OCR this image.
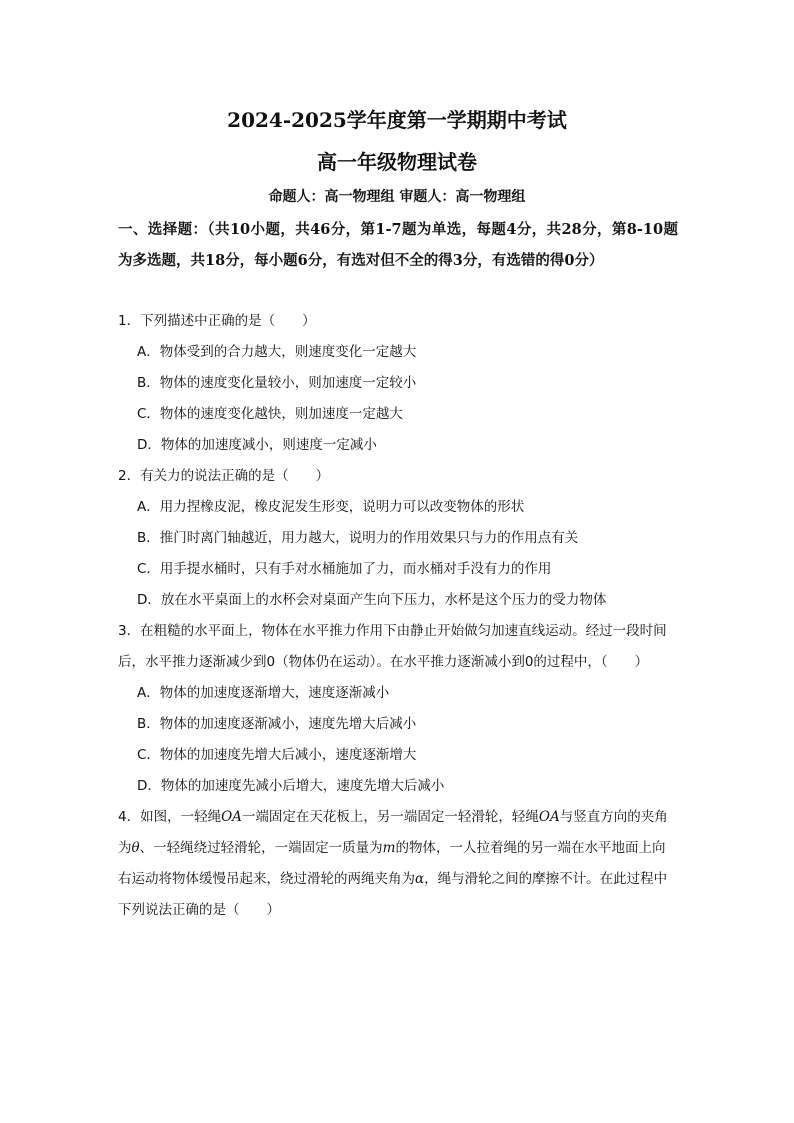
2024-2025学年度第一学期期中考试
高一年级物理试卷
命题人：高一物理组 审题人：高一物理组
一、选择题：（共10小题，共46分，第1-7题为单选，每题4分，共28分，第8-10题为多选题，共18分，每小题6分，有选对但不全的得3分，有选错的得0分）
1．下列描述中正确的是（　　）
A．物体受到的合力越大，则速度变化一定越大
B．物体的速度变化量较小，则加速度一定较小
C．物体的速度变化越快，则加速度一定越大
D．物体的加速度减小，则速度一定减小
2．有关力的说法正确的是（　　）
A．用力捏橡皮泥，橡皮泥发生形变，说明力可以改变物体的形状
B．推门时离门轴越近，用力越大，说明力的作用效果只与力的作用点有关
C．用手提水桶时，只有手对水桶施加了力，而水桶对手没有力的作用
D．放在水平桌面上的水杯会对桌面产生向下压力，水杯是这个压力的受力物体
3．在粗糙的水平面上，物体在水平推力作用下由静止开始做匀加速直线运动。经过一段时间后，水平推力逐渐减少到0（物体仍在运动）。在水平推力逐渐减小到0的过程中，（　　）
A．物体的加速度逐渐增大，速度逐渐减小
B．物体的加速度逐渐减小，速度先增大后减小
C．物体的加速度先增大后减小，速度逐渐增大
D．物体的加速度先减小后增大，速度先增大后减小
4．如图，一轻绳OA一端固定在天花板上，另一端固定一轻滑轮，轻绳OA与竖直方向的夹角为θ、一轻绳绕过轻滑轮，一端固定一质量为m的物体，一人拉着绳的另一端在水平地面上向右运动将物体缓慢吊起来，绕过滑轮的两绳夹角为α，绳与滑轮之间的摩擦不计。在此过程中下列说法正确的是（　　）
